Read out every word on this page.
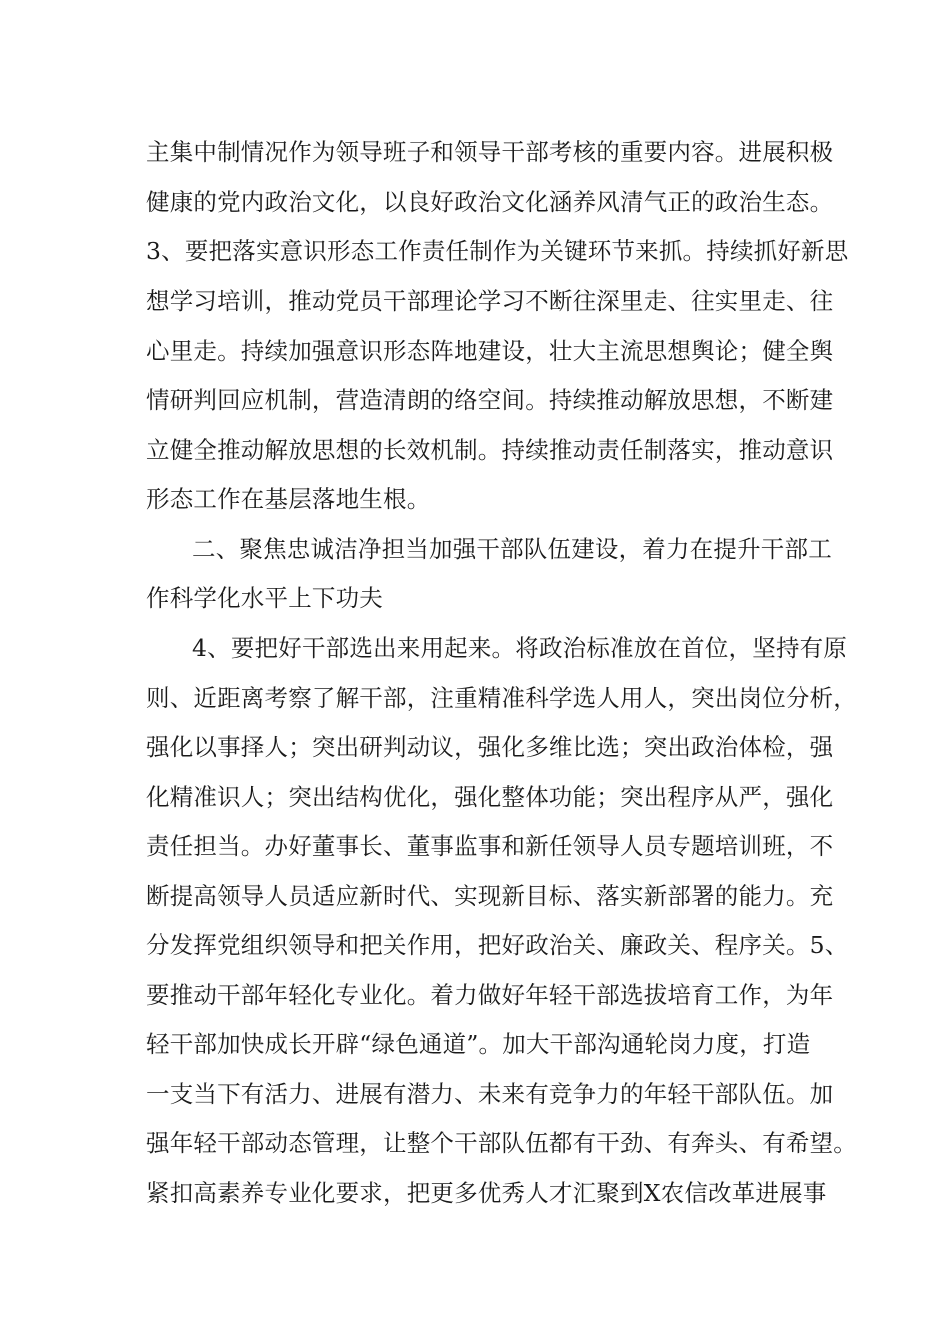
主集中制情况作为领导班子和领导干部考核的重要内容。进展积极
健康的党内政治文化，以良好政治文化涵养风清气正的政治生态。
3、要把落实意识形态工作责任制作为关键环节来抓。持续抓好新思
想学习培训，推动党员干部理论学习不断往深里走、往实里走、往
心里走。持续加强意识形态阵地建设，壮大主流思想舆论；健全舆
情研判回应机制，营造清朗的络空间。持续推动解放思想，不断建
立健全推动解放思想的长效机制。持续推动责任制落实，推动意识
形态工作在基层落地生根。
二、聚焦忠诚洁净担当加强干部队伍建设，着力在提升干部工
作科学化水平上下功夫
4、要把好干部选出来用起来。将政治标准放在首位，坚持有原
则、近距离考察了解干部，注重精准科学选人用人，突出岗位分析，
强化以事择人；突出研判动议，强化多维比选；突出政治体检，强
化精准识人；突出结构优化，强化整体功能；突出程序从严，强化
责任担当。办好董事长、董事监事和新任领导人员专题培训班，不
断提高领导人员适应新时代、实现新目标、落实新部署的能力。充
分发挥党组织领导和把关作用，把好政治关、廉政关、程序关。5、
要推动干部年轻化专业化。着力做好年轻干部选拔培育工作，为年
轻干部加快成长开辟“绿色通道”。加大干部沟通轮岗力度，打造
一支当下有活力、进展有潜力、未来有竞争力的年轻干部队伍。加
强年轻干部动态管理，让整个干部队伍都有干劲、有奔头、有希望。
紧扣高素养专业化要求，把更多优秀人才汇聚到X农信改革进展事
